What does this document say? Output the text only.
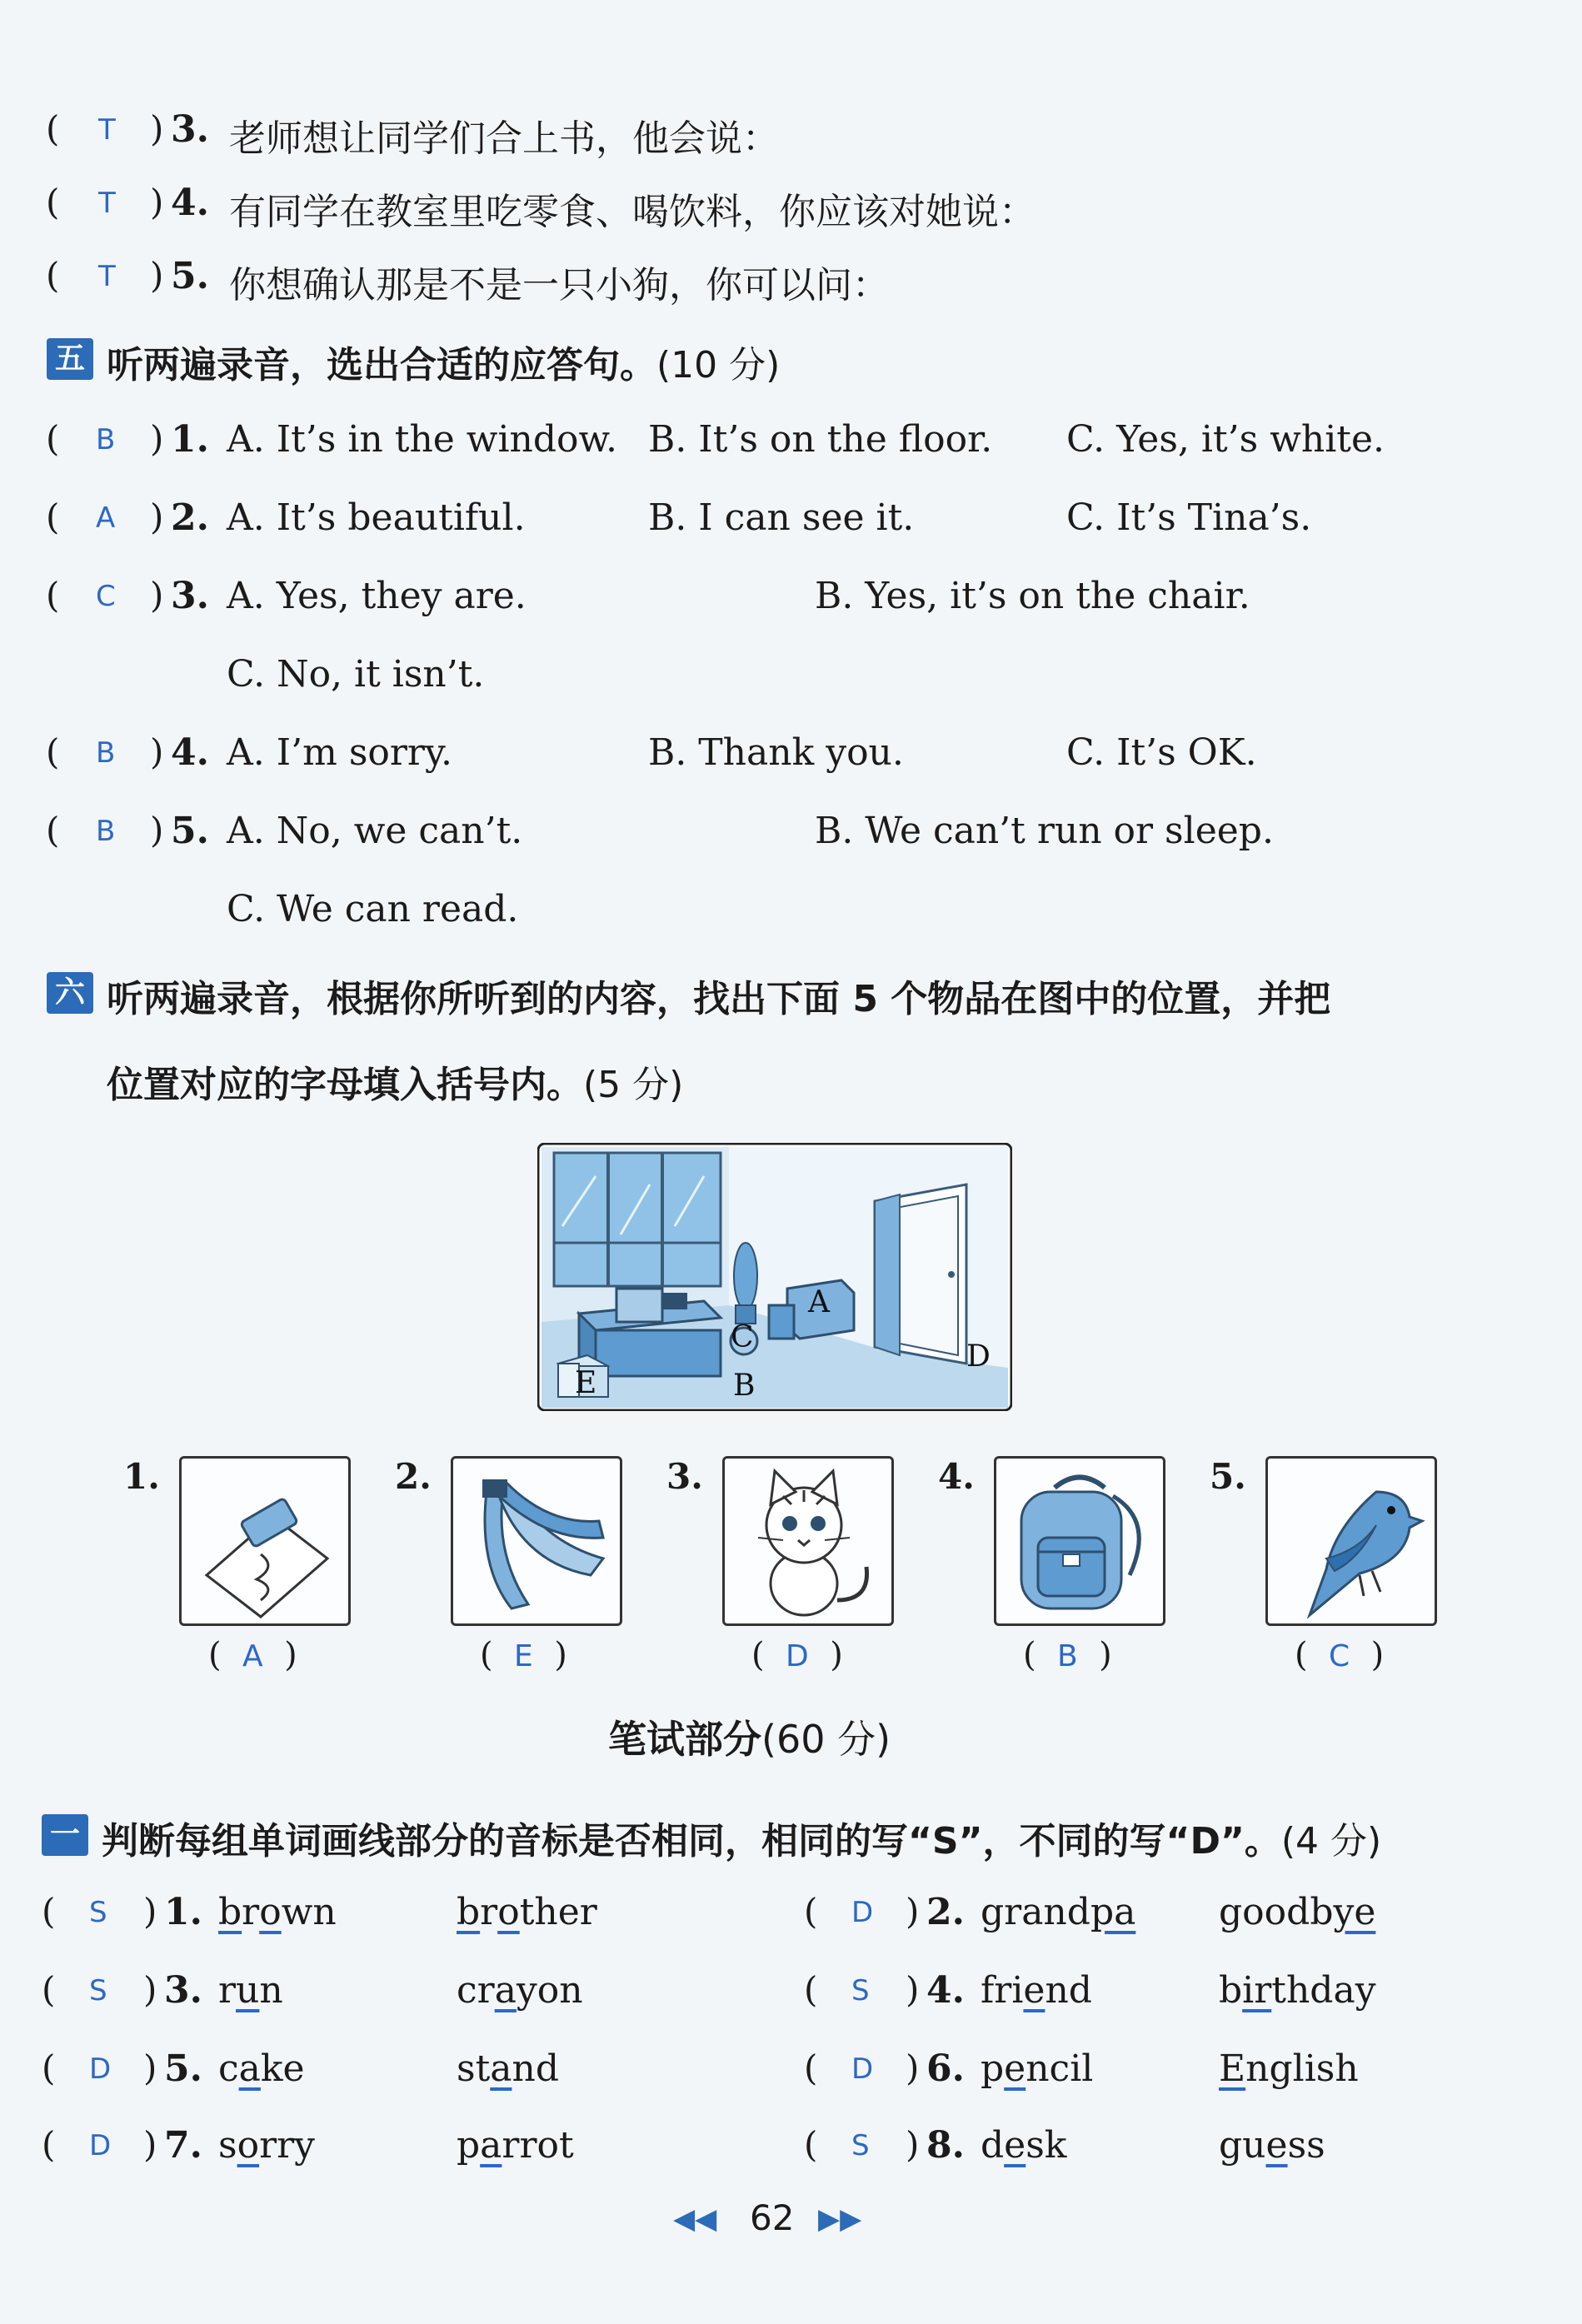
( T ) 3. 老师想让同学们合上书，他会说：
( T ) 4. 有同学在教室里吃零食、喝饮料，你应该对她说：
( T ) 5. 你想确认那是不是一只小狗，你可以问：
五 听两遍录音，选出合适的应答句。(10 分)
( B ) 1. A. It’s in the window. B. It’s on the floor. C. Yes, it’s white.
( A ) 2. A. It’s beautiful.	B. I can see it.	C. It’s Tina’s.
( C ) 3. A. Yes, they are.	B. Yes, it’s on the chair.
C. No, it isn’t.
( B ) 4. A. I’m sorry.	B. Thank you.	C. It’s OK.
( B ) 5. A. No, we can’t.	B. We can’t run or sleep.
C. We can read.
六 听两遍录音，根据你所听到的内容，找出下面 5 个物品在图中的位置，并把
位置对应的字母填入括号内。(5 分)
A
B
C
D
E
1.
(  A  )
2.
(  E  )
3.
(  D  )
4.
(  B  )
5.
(  C  )
笔试部分(60 分)
一 判断每组单词画线部分的音标是否相同，相同的写“S”，不同的写“D”。(4 分)
( S ) 1. brown	brother	( D ) 2. grandpa goodbye
( S ) 3. run	crayon	( S ) 4. friend	birthday
( D ) 5. cake	stand	( D ) 6. pencil	English
( D ) 7. sorry	parrot	( S ) 8. desk	guess
◀◀ 62 ▶▶
